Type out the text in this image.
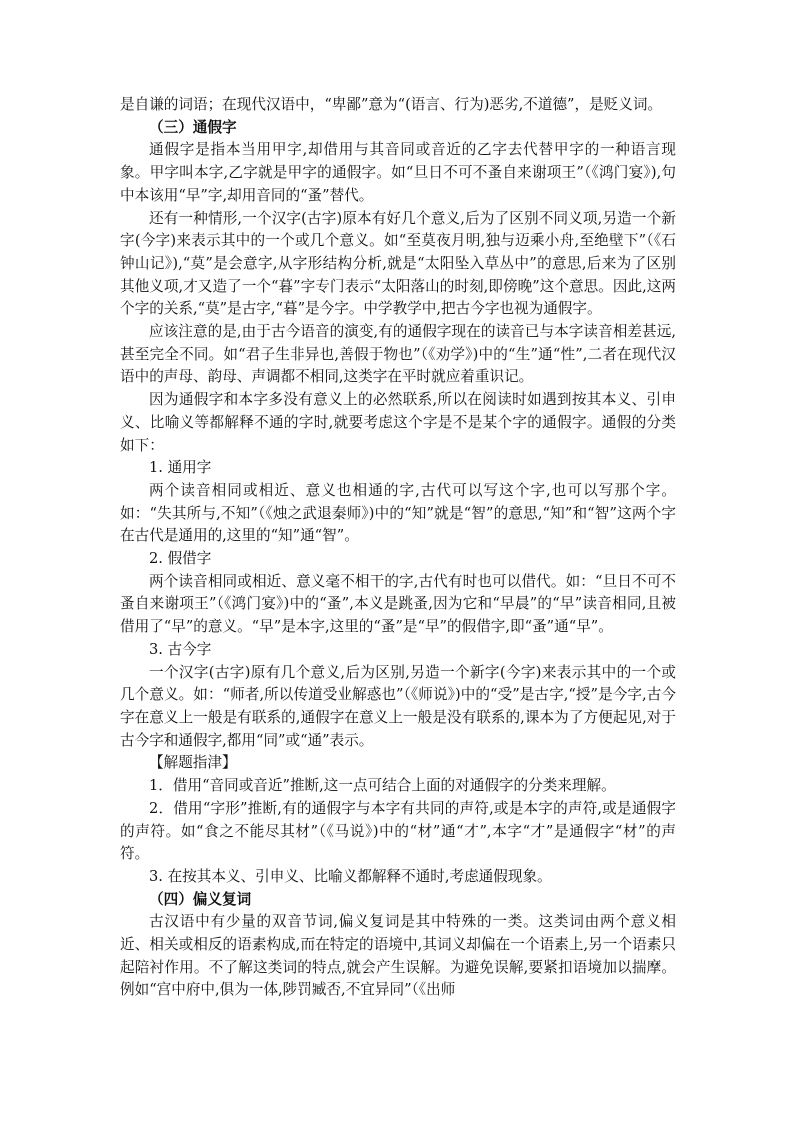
是自谦的词语；在现代汉语中，“卑鄙”意为“(语言、行为)恶劣,不道德”，是贬义词。

（三）通假字

通假字是指本当用甲字,却借用与其音同或音近的乙字去代替甲字的一种语言现象。甲字叫本字,乙字就是甲字的通假字。如“旦日不可不蚤自来谢项王”（《鸿门宴》),句中本该用“早”字,却用音同的“蚤”替代。

还有一种情形,一个汉字(古字)原本有好几个意义,后为了区别不同义项,另造一个新字(今字)来表示其中的一个或几个意义。如“至莫夜月明,独与迈乘小舟,至绝壁下”（《石钟山记》),“莫”是会意字,从字形结构分析,就是“太阳坠入草丛中”的意思,后来为了区别其他义项,才又造了一个“暮”字专门表示“太阳落山的时刻,即傍晚”这个意思。因此,这两个字的关系,“莫”是古字,“暮”是今字。中学教学中,把古今字也视为通假字。

应该注意的是,由于古今语音的演变,有的通假字现在的读音已与本字读音相差甚远,甚至完全不同。如“君子生非异也,善假于物也”（《劝学》)中的“生”通“性”,二者在现代汉语中的声母、韵母、声调都不相同,这类字在平时就应着重识记。

因为通假字和本字多没有意义上的必然联系,所以在阅读时如遇到按其本义、引申义、比喻义等都解释不通的字时,就要考虑这个字是不是某个字的通假字。通假的分类如下：

1. 通用字

两个读音相同或相近、意义也相通的字,古代可以写这个字,也可以写那个字。如：“失其所与,不知”（《烛之武退秦师》)中的“知”就是“智”的意思,“知”和“智”这两个字在古代是通用的,这里的“知”通“智”。

2. 假借字

两个读音相同或相近、意义毫不相干的字,古代有时也可以借代。如：“旦日不可不蚤自来谢项王”（《鸿门宴》)中的“蚤”,本义是跳蚤,因为它和“早晨”的“早”读音相同,且被借用了“早”的意义。“早”是本字,这里的“蚤”是“早”的假借字,即“蚤”通“早”。

3. 古今字

一个汉字(古字)原有几个意义,后为区别,另造一个新字(今字)来表示其中的一个或几个意义。如：“师者,所以传道受业解惑也”（《师说》)中的“受”是古字,“授”是今字,古今字在意义上一般是有联系的,通假字在意义上一般是没有联系的,课本为了方便起见,对于古今字和通假字,都用“同”或“通”表示。

【解题指津】

1．借用“音同或音近”推断,这一点可结合上面的对通假字的分类来理解。

2．借用“字形”推断,有的通假字与本字有共同的声符,或是本字的声符,或是通假字的声符。如“食之不能尽其材”（《马说》)中的“材”通“才”,本字“才”是通假字“材”的声符。

3. 在按其本义、引申义、比喻义都解释不通时,考虑通假现象。

（四）偏义复词

古汉语中有少量的双音节词,偏义复词是其中特殊的一类。这类词由两个意义相近、相关或相反的语素构成,而在特定的语境中,其词义却偏在一个语素上,另一个语素只起陪衬作用。不了解这类词的特点,就会产生误解。为避免误解,要紧扣语境加以揣摩。例如“宫中府中,俱为一体,陟罚臧否,不宜异同”（《出师
